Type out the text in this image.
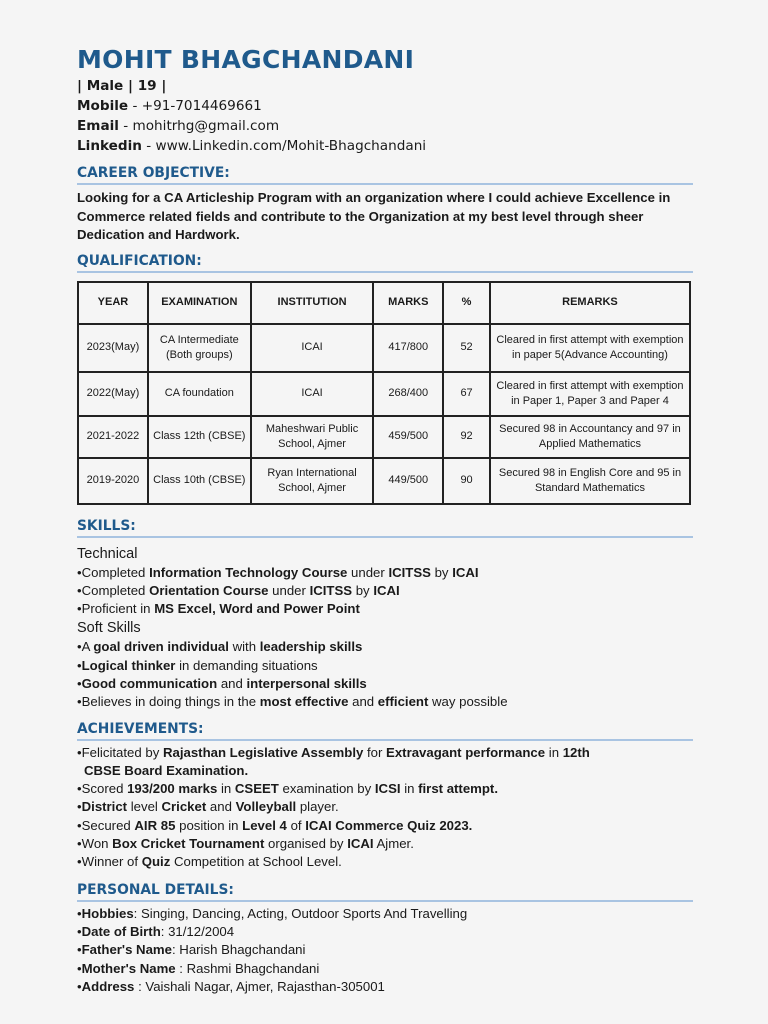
MOHIT BHAGCHANDANI
| Male | 19 |
Mobile - +91-7014469661
Email - mohitrhg@gmail.com
Linkedin - www.Linkedin.com/Mohit-Bhagchandani
CAREER OBJECTIVE:
Looking for a CA Articleship Program with an organization where I could achieve Excellence in Commerce related fields and contribute to the Organization at my best level through sheer Dedication and Hardwork.
QUALIFICATION:
YEAR	EXAMINATION	INSTITUTION	MARKS	%	REMARKS
2023(May)	CA Intermediate (Both groups)	ICAI	417/800	52	Cleared in first attempt with exemption in paper 5(Advance Accounting)
2022(May)	CA foundation	ICAI	268/400	67	Cleared in first attempt with exemption in Paper 1, Paper 3 and Paper 4
2021-2022	Class 12th (CBSE)	Maheshwari Public School, Ajmer	459/500	92	Secured 98 in Accountancy and 97 in Applied Mathematics
2019-2020	Class 10th (CBSE)	Ryan International School, Ajmer	449/500	90	Secured 98 in English Core and 95 in Standard Mathematics
SKILLS:
Technical
•Completed Information Technology Course under ICITSS by ICAI
•Completed Orientation Course under ICITSS by ICAI
•Proficient in MS Excel, Word and Power Point
Soft Skills
•A goal driven individual with leadership skills
•Logical thinker in demanding situations
•Good communication and interpersonal skills
•Believes in doing things in the most effective and efficient way possible
ACHIEVEMENTS:
•Felicitated by Rajasthan Legislative Assembly for Extravagant performance in 12th
CBSE Board Examination.
•Scored 193/200 marks in CSEET examination by ICSI in first attempt.
•District level Cricket and Volleyball player.
•Secured AIR 85 position in Level 4 of ICAI Commerce Quiz 2023.
•Won Box Cricket Tournament organised by ICAI Ajmer.
•Winner of Quiz Competition at School Level.
PERSONAL DETAILS:
•Hobbies: Singing, Dancing, Acting, Outdoor Sports And Travelling
•Date of Birth: 31/12/2004
•Father's Name: Harish Bhagchandani
•Mother's Name : Rashmi Bhagchandani
•Address : Vaishali Nagar, Ajmer, Rajasthan-305001
